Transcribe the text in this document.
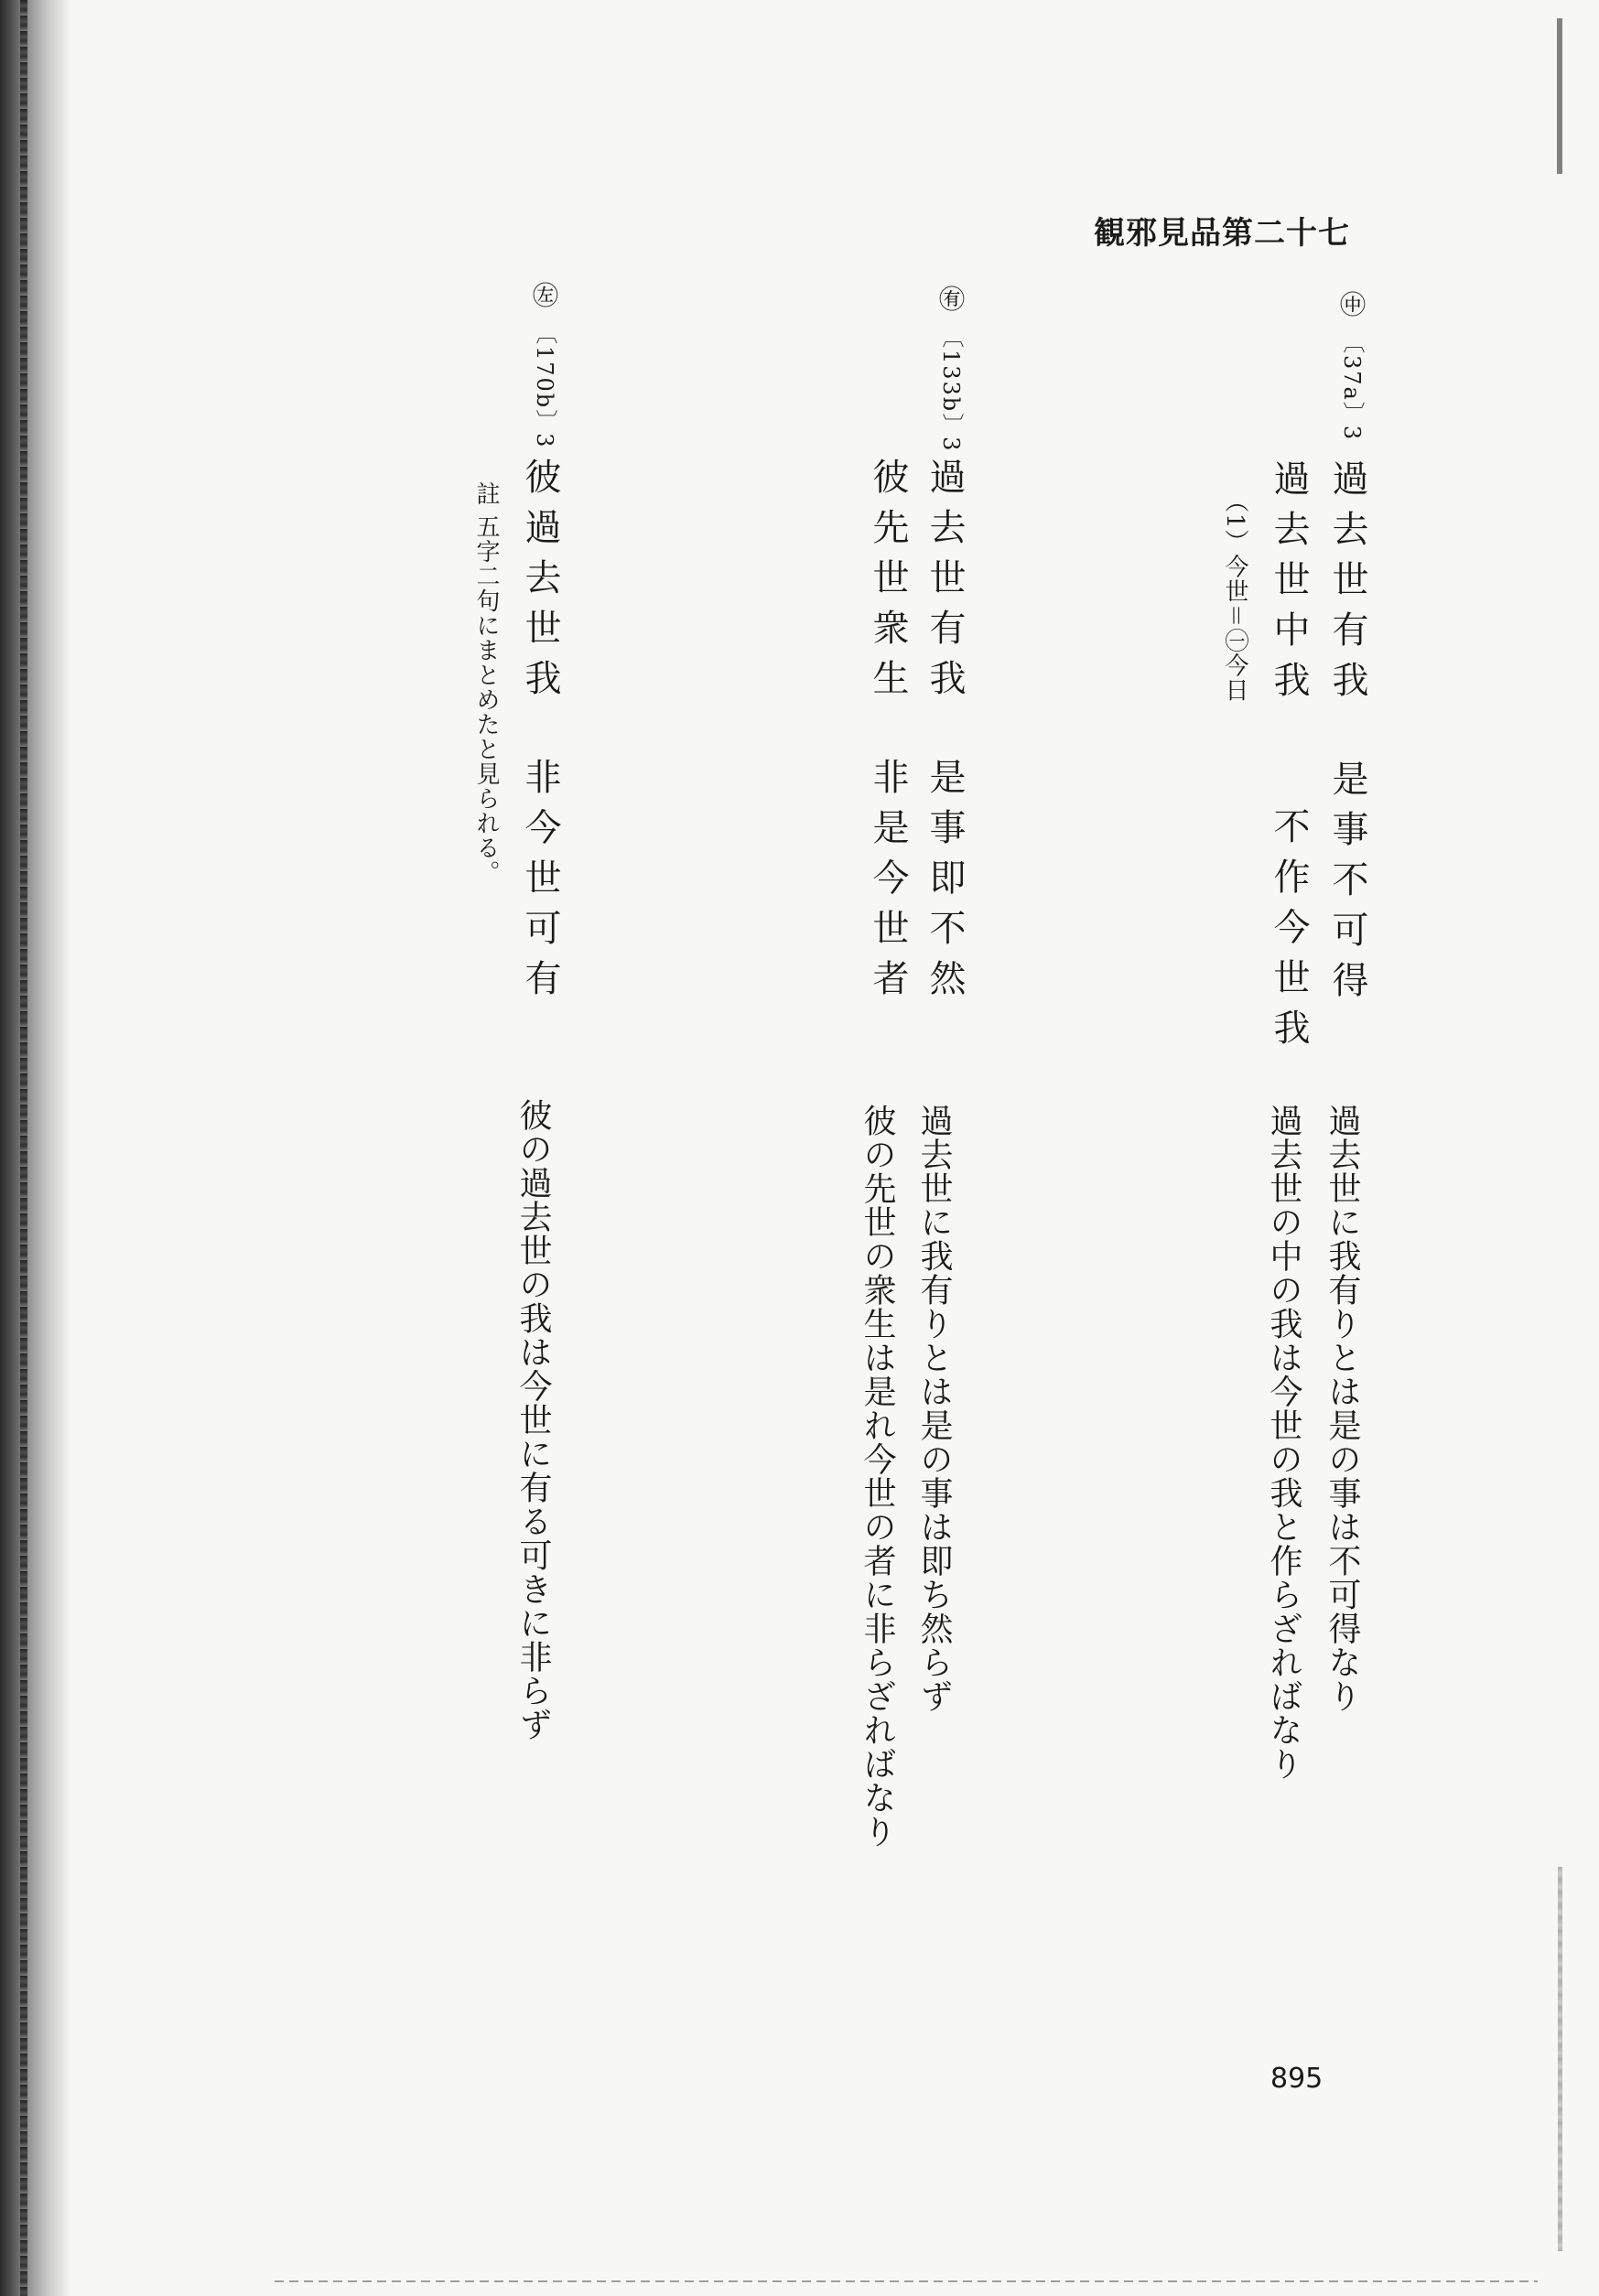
観邪見品第二十七
㊥
〔37a〕3
過去世有我
是事不可得
過去世中我
不作今世我
（1）今世＝㊀今日
過去世に我有りとは是の事は不可得なり
過去世の中の我は今世の我と作らざればなり
㊒
〔133b〕3
過去世有我
是事即不然
彼先世衆生
非是今世者
過去世に我有りとは是の事は即ち然らず
彼の先世の衆生は是れ今世の者に非らざればなり
㊧
〔170b〕3
彼過去世我
非今世可有
註 五字二句にまとめたと見られる。
彼の過去世の我は今世に有る可きに非らず
895
